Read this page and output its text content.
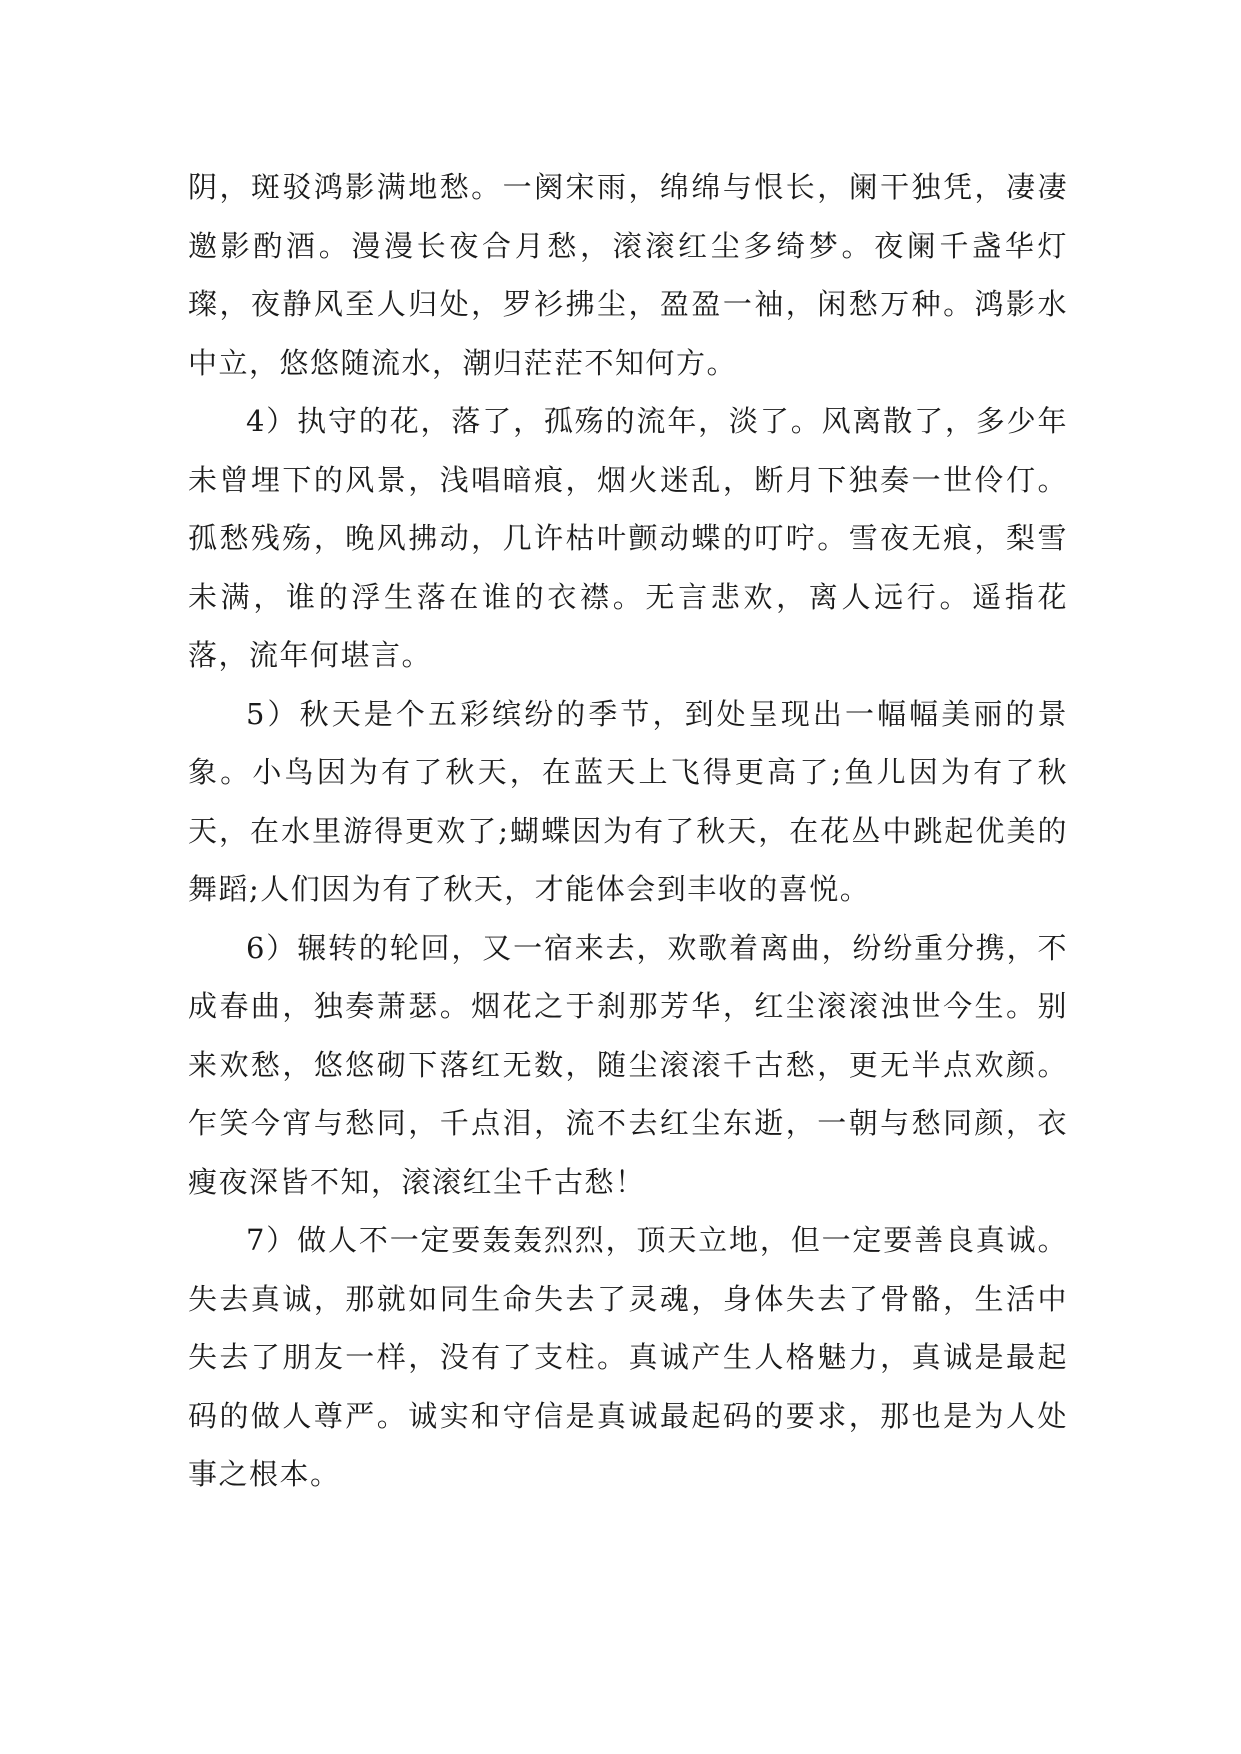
阴，斑驳鸿影满地愁。一阕宋雨，绵绵与恨长，阑干独凭，凄凄邀影酌酒。漫漫长夜合月愁，滚滚红尘多绮梦。夜阑千盏华灯璨，夜静风至人归处，罗衫拂尘，盈盈一袖，闲愁万种。鸿影水中立，悠悠随流水，潮归茫茫不知何方。

4）执守的花，落了，孤殇的流年，淡了。风离散了，多少年未曾埋下的风景，浅唱暗痕，烟火迷乱，断月下独奏一世伶仃。孤愁残殇，晚风拂动，几许枯叶颤动蝶的叮咛。雪夜无痕，梨雪未满，谁的浮生落在谁的衣襟。无言悲欢，离人远行。遥指花落，流年何堪言。

5）秋天是个五彩缤纷的季节，到处呈现出一幅幅美丽的景象。小鸟因为有了秋天，在蓝天上飞得更高了;鱼儿因为有了秋天，在水里游得更欢了;蝴蝶因为有了秋天，在花丛中跳起优美的舞蹈;人们因为有了秋天，才能体会到丰收的喜悦。

6）辗转的轮回，又一宿来去，欢歌着离曲，纷纷重分携，不成春曲，独奏萧瑟。烟花之于刹那芳华，红尘滚滚浊世今生。别来欢愁，悠悠砌下落红无数，随尘滚滚千古愁，更无半点欢颜。乍笑今宵与愁同，千点泪，流不去红尘东逝，一朝与愁同颜，衣瘦夜深皆不知，滚滚红尘千古愁！

7）做人不一定要轰轰烈烈，顶天立地，但一定要善良真诚。失去真诚，那就如同生命失去了灵魂，身体失去了骨骼，生活中失去了朋友一样，没有了支柱。真诚产生人格魅力，真诚是最起码的做人尊严。诚实和守信是真诚最起码的要求，那也是为人处事之根本。
